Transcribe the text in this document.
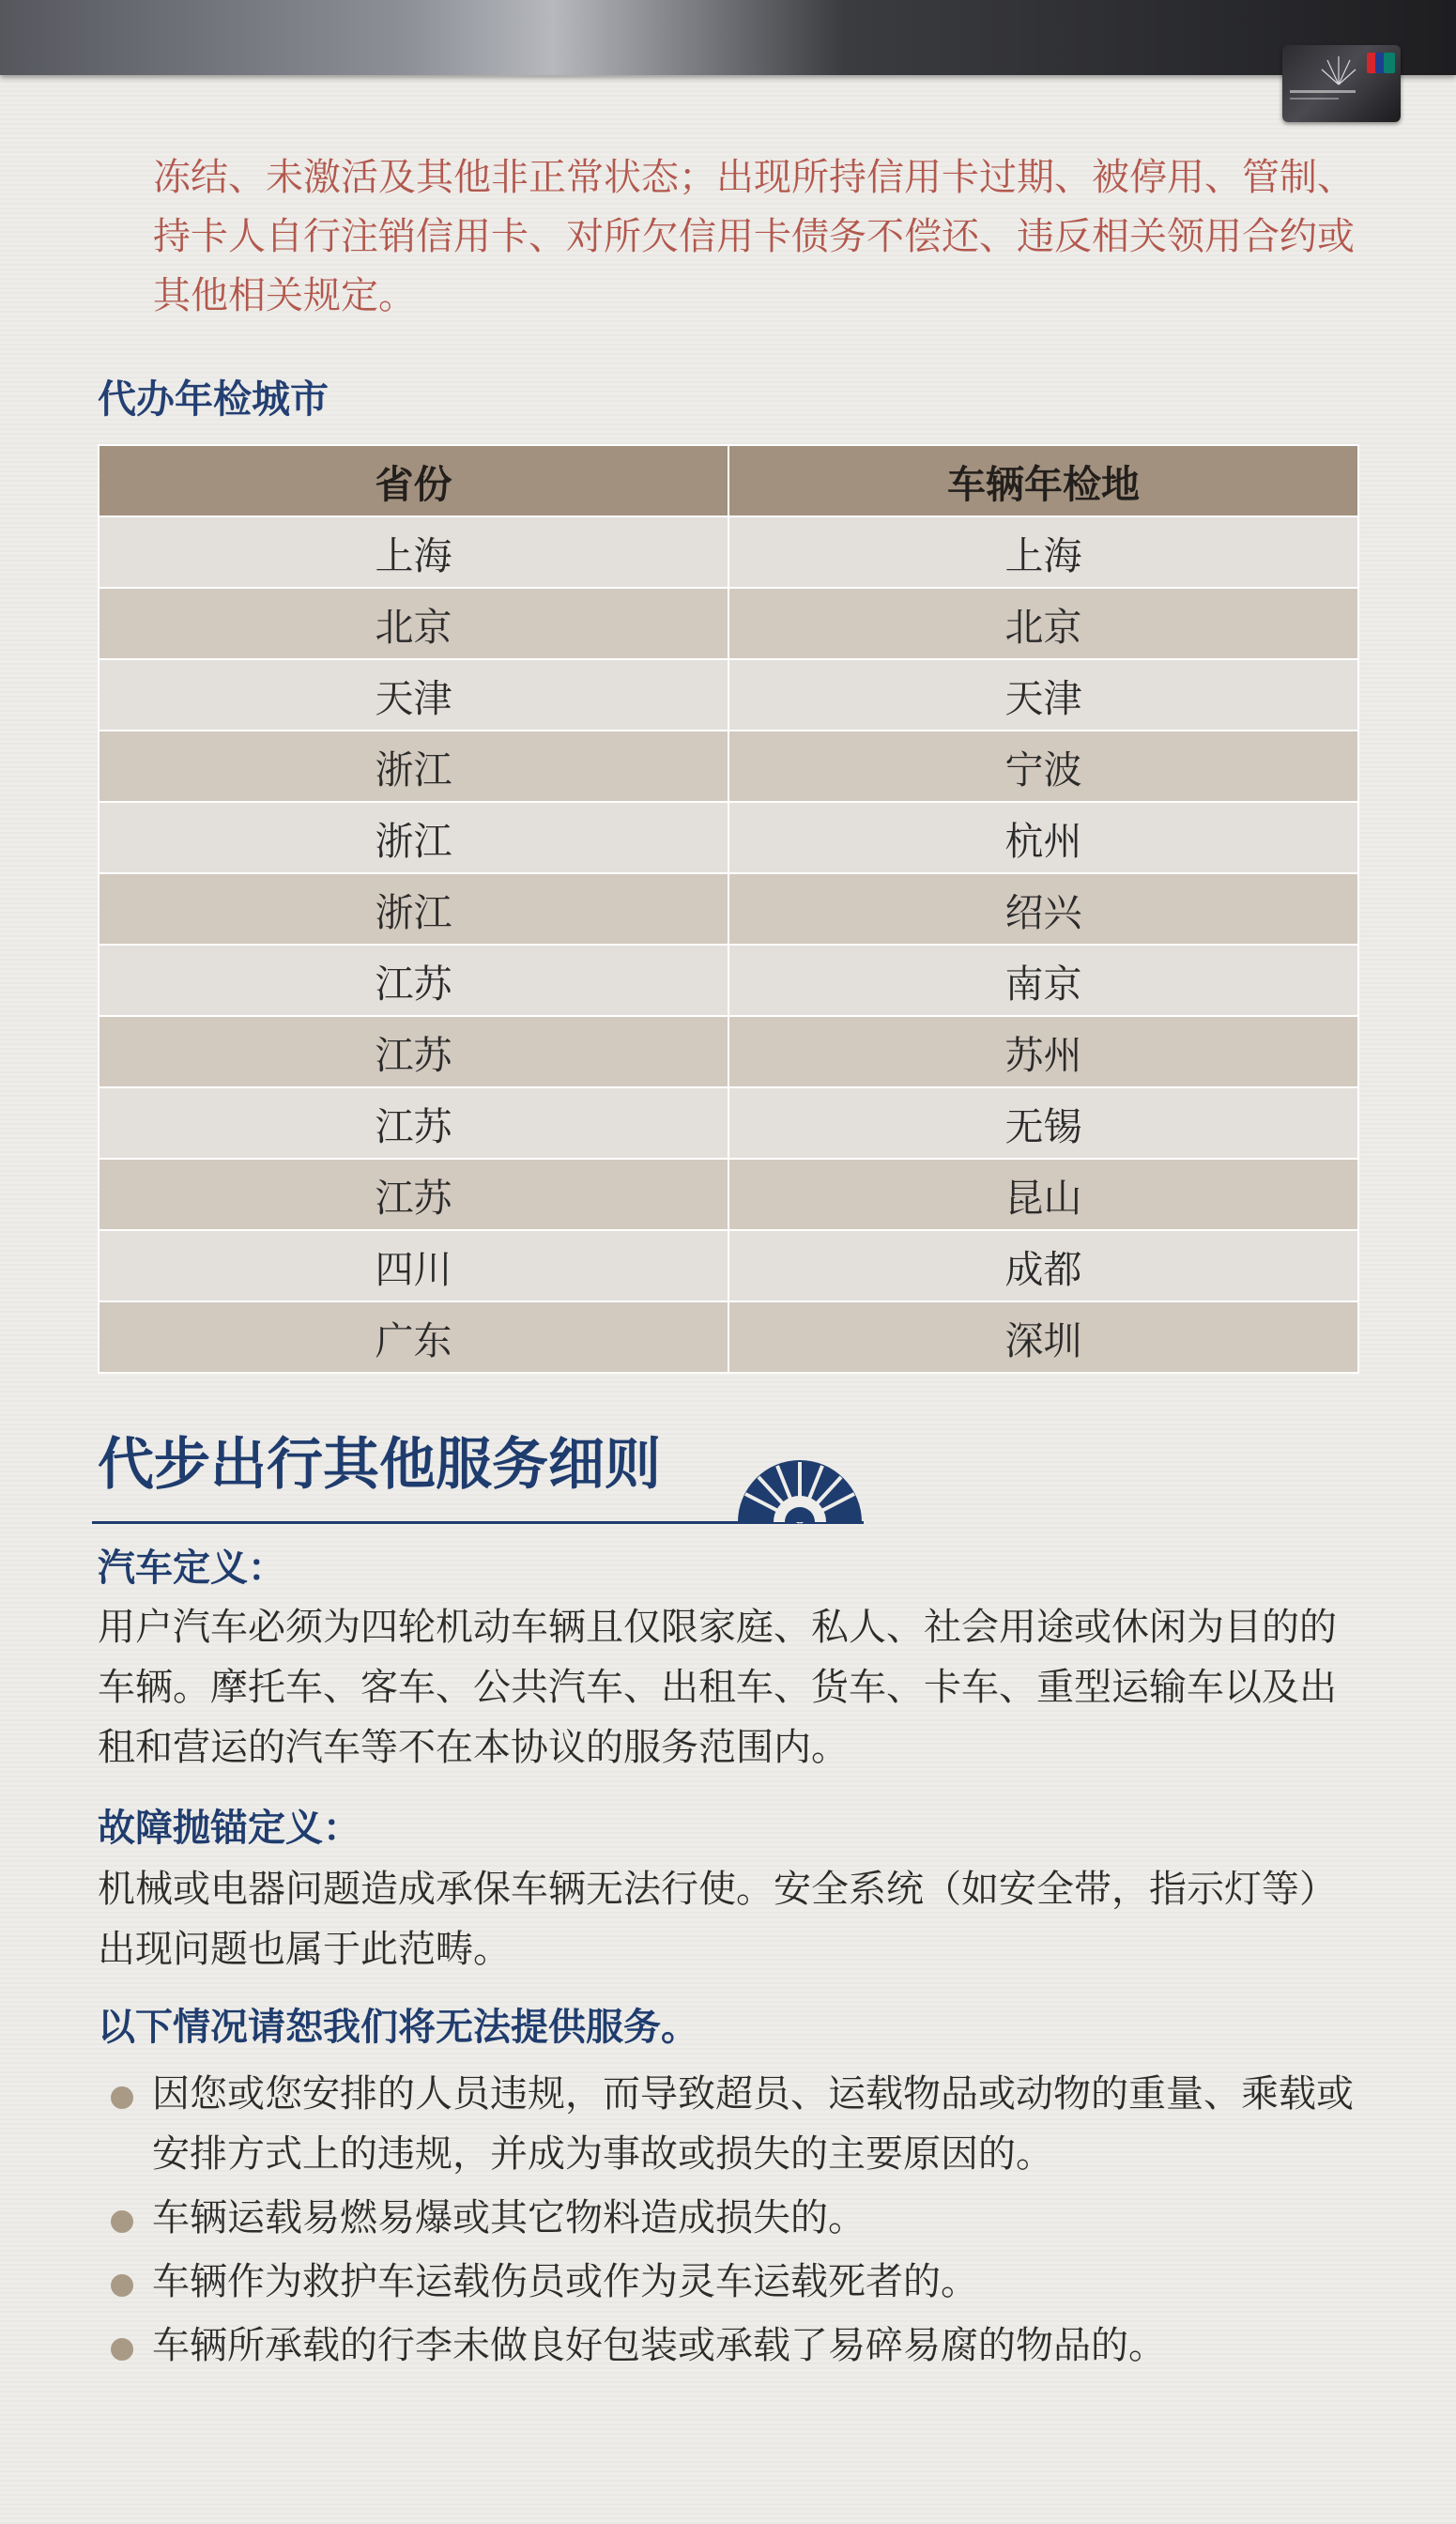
冻结、未激活及其他非正常状态；出现所持信用卡过期、被停用、管制、持卡人自行注销信用卡、对所欠信用卡债务不偿还、违反相关领用合约或其他相关规定。

代办年检城市
省份	车辆年检地
上海	上海
北京	北京
天津	天津
浙江	宁波
浙江	杭州
浙江	绍兴
江苏	南京
江苏	苏州
江苏	无锡
江苏	昆山
四川	成都
广东	深圳
代步出行其他服务细则

汽车定义：

用户汽车必须为四轮机动车辆且仅限家庭、私人、社会用途或休闲为目的的车辆。摩托车、客车、公共汽车、出租车、货车、卡车、重型运输车以及出租和营运的汽车等不在本协议的服务范围内。

故障抛锚定义：

机械或电器问题造成承保车辆无法行使。安全系统（如安全带，指示灯等）出现问题也属于此范畴。

以下情况请恕我们将无法提供服务。

因您或您安排的人员违规，而导致超员、运载物品或动物的重量、乘载或安排方式上的违规，并成为事故或损失的主要原因的。
车辆运载易燃易爆或其它物料造成损失的。
车辆作为救护车运载伤员或作为灵车运载死者的。
车辆所承载的行李未做良好包装或承载了易碎易腐的物品的。
